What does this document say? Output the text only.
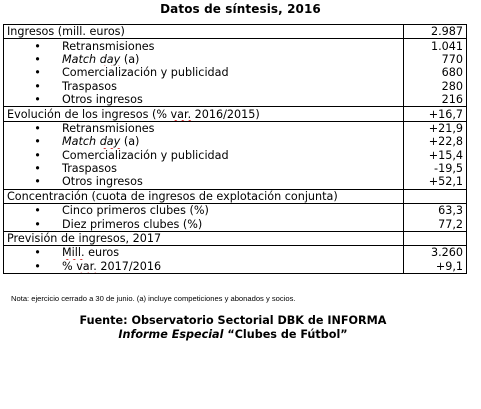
Datos de síntesis, 2016
Ingresos (mill. euros)	2.987
•Retransmisiones	1.041
•Match day (a)	770
•Comercialización y publicidad	680
•Traspasos	280
•Otros ingresos	216
Evolución de los ingresos (% var. 2016/2015)	+16,7
•Retransmisiones	+21,9
•Match day (a)	+22,8
•Comercialización y publicidad	+15,4
•Traspasos	-19,5
•Otros ingresos	+52,1
Concentración (cuota de ingresos de explotación conjunta)	
•Cinco primeros clubes (%)	63,3
•Diez primeros clubes (%)	77,2
Previsión de ingresos, 2017	
•Mill. euros	3.260
•% var. 2017/2016	+9,1
Nota: ejercicio cerrado a 30 de junio. (a) incluye competiciones y abonados y socios.
Fuente: Observatorio Sectorial DBK de INFORMA
Informe Especial “Clubes de Fútbol”
